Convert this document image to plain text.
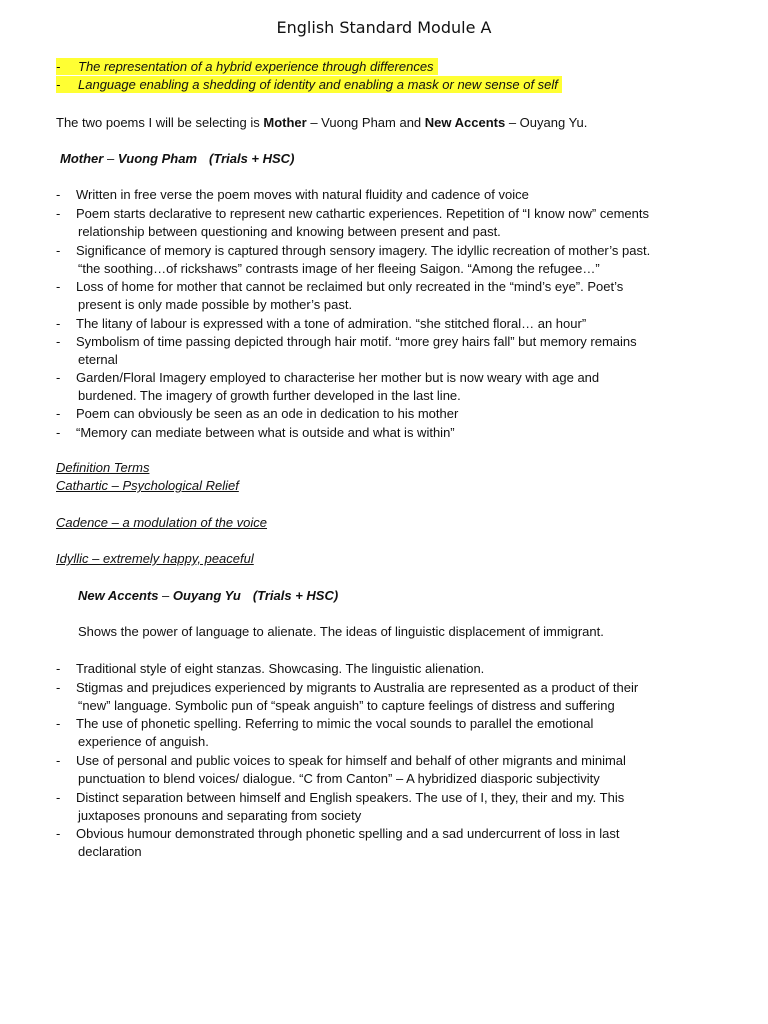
English Standard Module A
- The representation of a hybrid experience through differences
- Language enabling a shedding of identity and enabling a mask or new sense of self
The two poems I will be selecting is Mother – Vuong Pham and New Accents – Ouyang Yu.
Mother – Vuong Pham (Trials + HSC)
- Written in free verse the poem moves with natural fluidity and cadence of voice
- Poem starts declarative to represent new cathartic experiences. Repetition of “I know now” cements
relationship between questioning and knowing between present and past.
- Significance of memory is captured through sensory imagery. The idyllic recreation of mother’s past.
“the soothing…of rickshaws” contrasts image of her fleeing Saigon. “Among the refugee…”
- Loss of home for mother that cannot be reclaimed but only recreated in the “mind’s eye”. Poet’s
present is only made possible by mother’s past.
- The litany of labour is expressed with a tone of admiration. “she stitched floral… an hour”
- Symbolism of time passing depicted through hair motif. “more grey hairs fall” but memory remains
eternal
- Garden/Floral Imagery employed to characterise her mother but is now weary with age and
burdened. The imagery of growth further developed in the last line.
- Poem can obviously be seen as an ode in dedication to his mother
- “Memory can mediate between what is outside and what is within”
Definition Terms
Cathartic – Psychological Relief
Cadence – a modulation of the voice
Idyllic – extremely happy, peaceful
New Accents – Ouyang Yu (Trials + HSC)
Shows the power of language to alienate. The ideas of linguistic displacement of immigrant.
- Traditional style of eight stanzas. Showcasing. The linguistic alienation.
- Stigmas and prejudices experienced by migrants to Australia are represented as a product of their
“new” language. Symbolic pun of “speak anguish” to capture feelings of distress and suffering
- The use of phonetic spelling. Referring to mimic the vocal sounds to parallel the emotional
experience of anguish.
- Use of personal and public voices to speak for himself and behalf of other migrants and minimal
punctuation to blend voices/ dialogue. “C from Canton” – A hybridized diasporic subjectivity
- Distinct separation between himself and English speakers. The use of I, they, their and my. This
juxtaposes pronouns and separating from society
- Obvious humour demonstrated through phonetic spelling and a sad undercurrent of loss in last
declaration
